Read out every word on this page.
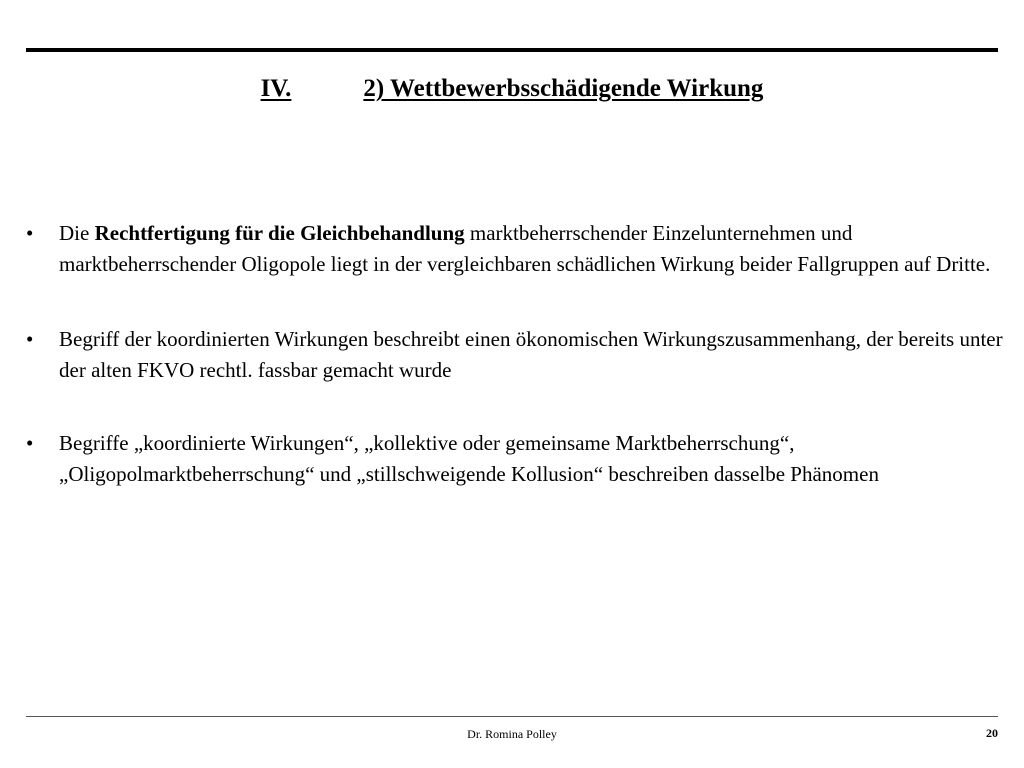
IV.	2) Wettbewerbsschädigende Wirkung
•	Die Rechtfertigung für die Gleichbehandlung marktbeherrschender Einzelunternehmen und marktbeherrschender Oligopole liegt in der vergleichbaren schädlichen Wirkung beider Fallgruppen auf Dritte.
•	Begriff der koordinierten Wirkungen beschreibt einen ökonomischen Wirkungszusammenhang, der bereits unter der alten FKVO rechtl. fassbar gemacht wurde
•	Begriffe „koordinierte Wirkungen“, „kollektive oder gemeinsame Marktbeherrschung“, „Oligopolmarktbeherrschung“ und „stillschweigende Kollusion“ beschreiben dasselbe Phänomen
Dr. Romina Polley	20
